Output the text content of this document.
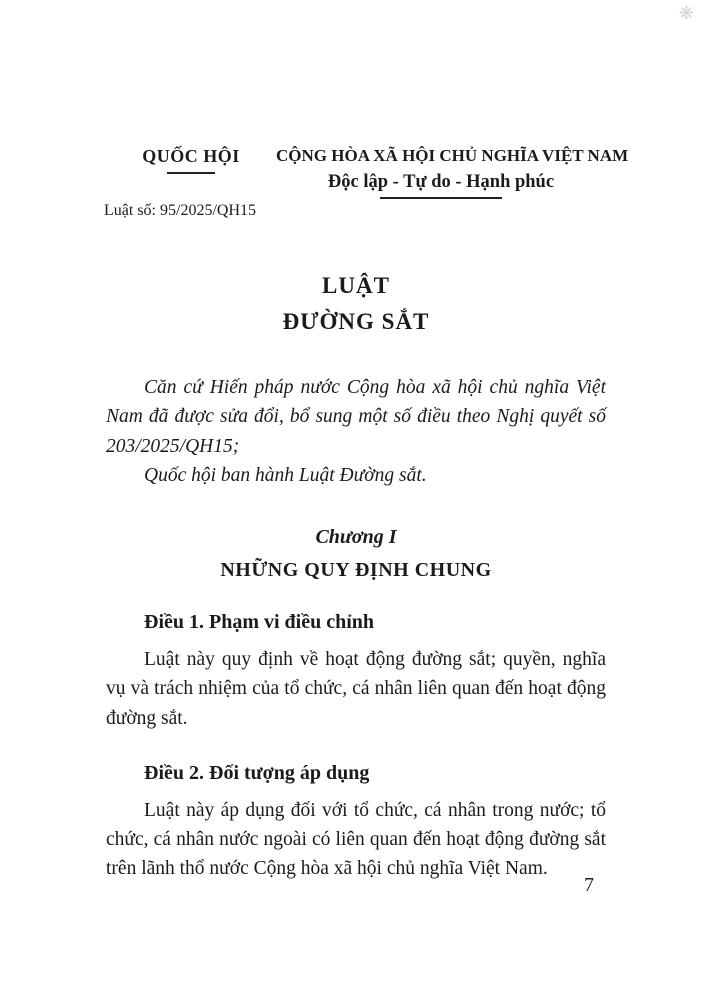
❋
QUỐC HỘI
Luật số: 95/2025/QH15
CỘNG HÒA XÃ HỘI CHỦ NGHĨA VIỆT NAM
Độc lập - Tự do - Hạnh phúc
LUẬT
ĐƯỜNG SẮT

Căn cứ Hiến pháp nước Cộng hòa xã hội chủ nghĩa Việt Nam đã được sửa đổi, bổ sung một số điều theo Nghị quyết số 203/2025/QH15;

Quốc hội ban hành Luật Đường sắt.

Chương I
NHỮNG QUY ĐỊNH CHUNG
Điều 1. Phạm vi điều chỉnh
Luật này quy định về hoạt động đường sắt; quyền, nghĩa vụ và trách nhiệm của tổ chức, cá nhân liên quan đến hoạt động đường sắt.
Điều 2. Đối tượng áp dụng
Luật này áp dụng đối với tổ chức, cá nhân trong nước; tổ chức, cá nhân nước ngoài có liên quan đến hoạt động đường sắt trên lãnh thổ nước Cộng hòa xã hội chủ nghĩa Việt Nam.
7
